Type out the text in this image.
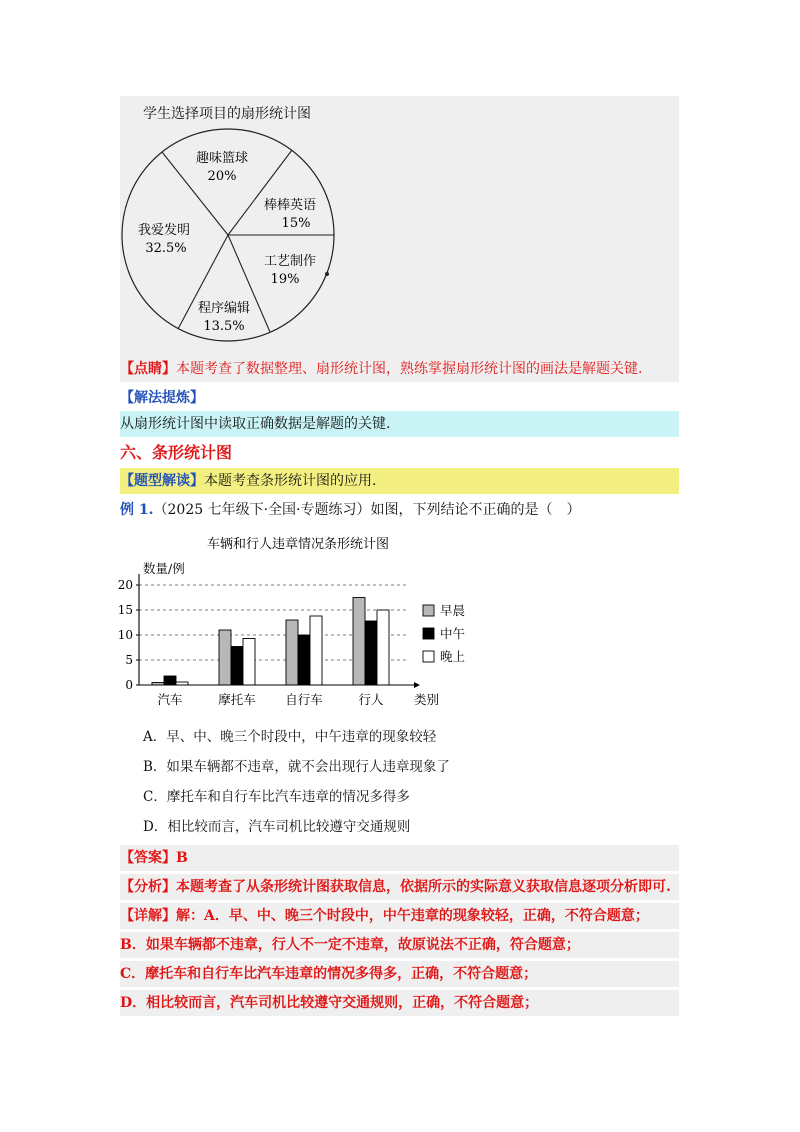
学生选择项目的扇形统计图
趣味篮球
20%
棒棒英语
15%
工艺制作
19%
程序编辑
13.5%
我爱发明
32.5%
【点睛】本题考查了数据整理、扇形统计图，熟练掌握扇形统计图的画法是解题关键.
【解法提炼】
从扇形统计图中读取正确数据是解题的关键.
六、条形统计图
【题型解读】本题考查条形统计图的应用.
例 1.（2025 七年级下·全国·专题练习）如图，下列结论不正确的是（　）
车辆和行人违章情况条形统计图
数量/例
0
5
10
15
20
汽车	摩托车 自行车	行人
早晨
中午
晚上
类别
A．早、中、晚三个时段中，中午违章的现象较轻
B．如果车辆都不违章，就不会出现行人违章现象了
C．摩托车和自行车比汽车违章的情况多得多
D．相比较而言，汽车司机比较遵守交通规则
【答案】B
【分析】本题考查了从条形统计图获取信息，依据所示的实际意义获取信息逐项分析即可.
【详解】解：A．早、中、晚三个时段中，中午违章的现象较轻，正确，不符合题意；
B．如果车辆都不违章，行人不一定不违章，故原说法不正确，符合题意；
C．摩托车和自行车比汽车违章的情况多得多，正确，不符合题意；
D．相比较而言，汽车司机比较遵守交通规则，正确，不符合题意；
